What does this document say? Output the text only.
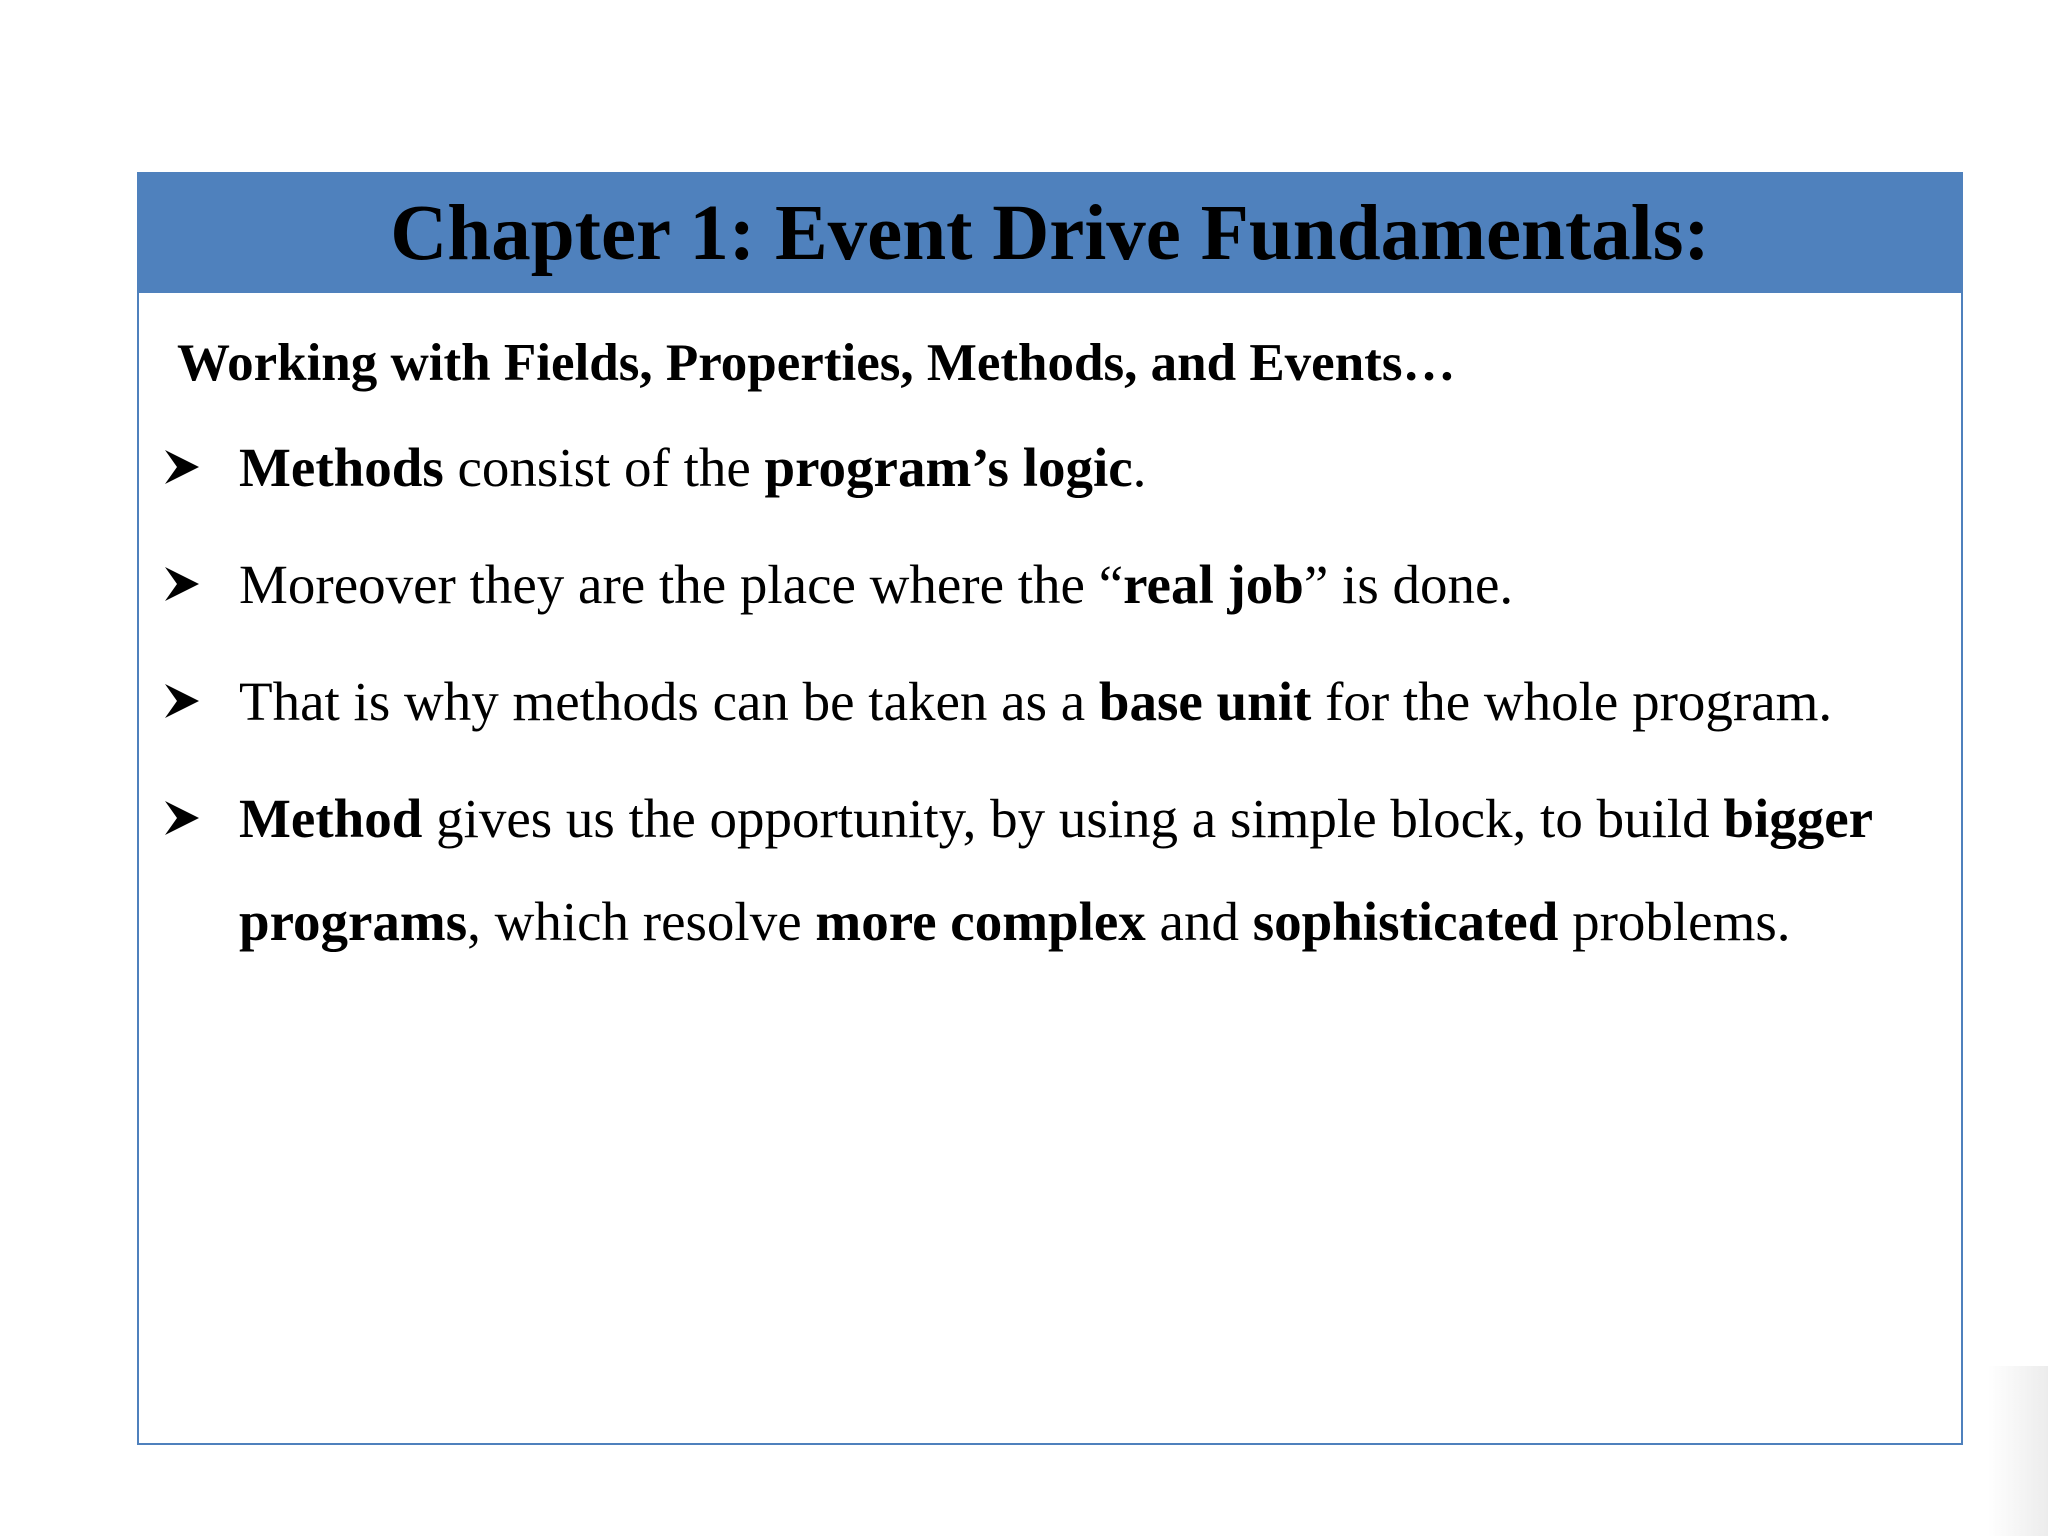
Chapter 1: Event Drive Fundamentals:
Working with Fields, Properties, Methods, and Events…
Methods consist of the program’s logic.
Moreover they are the place where the “real job” is done.
That is why methods can be taken as a base unit for the whole program.
Method gives us the opportunity, by using a simple block, to build bigger
programs, which resolve more complex and sophisticated problems.
